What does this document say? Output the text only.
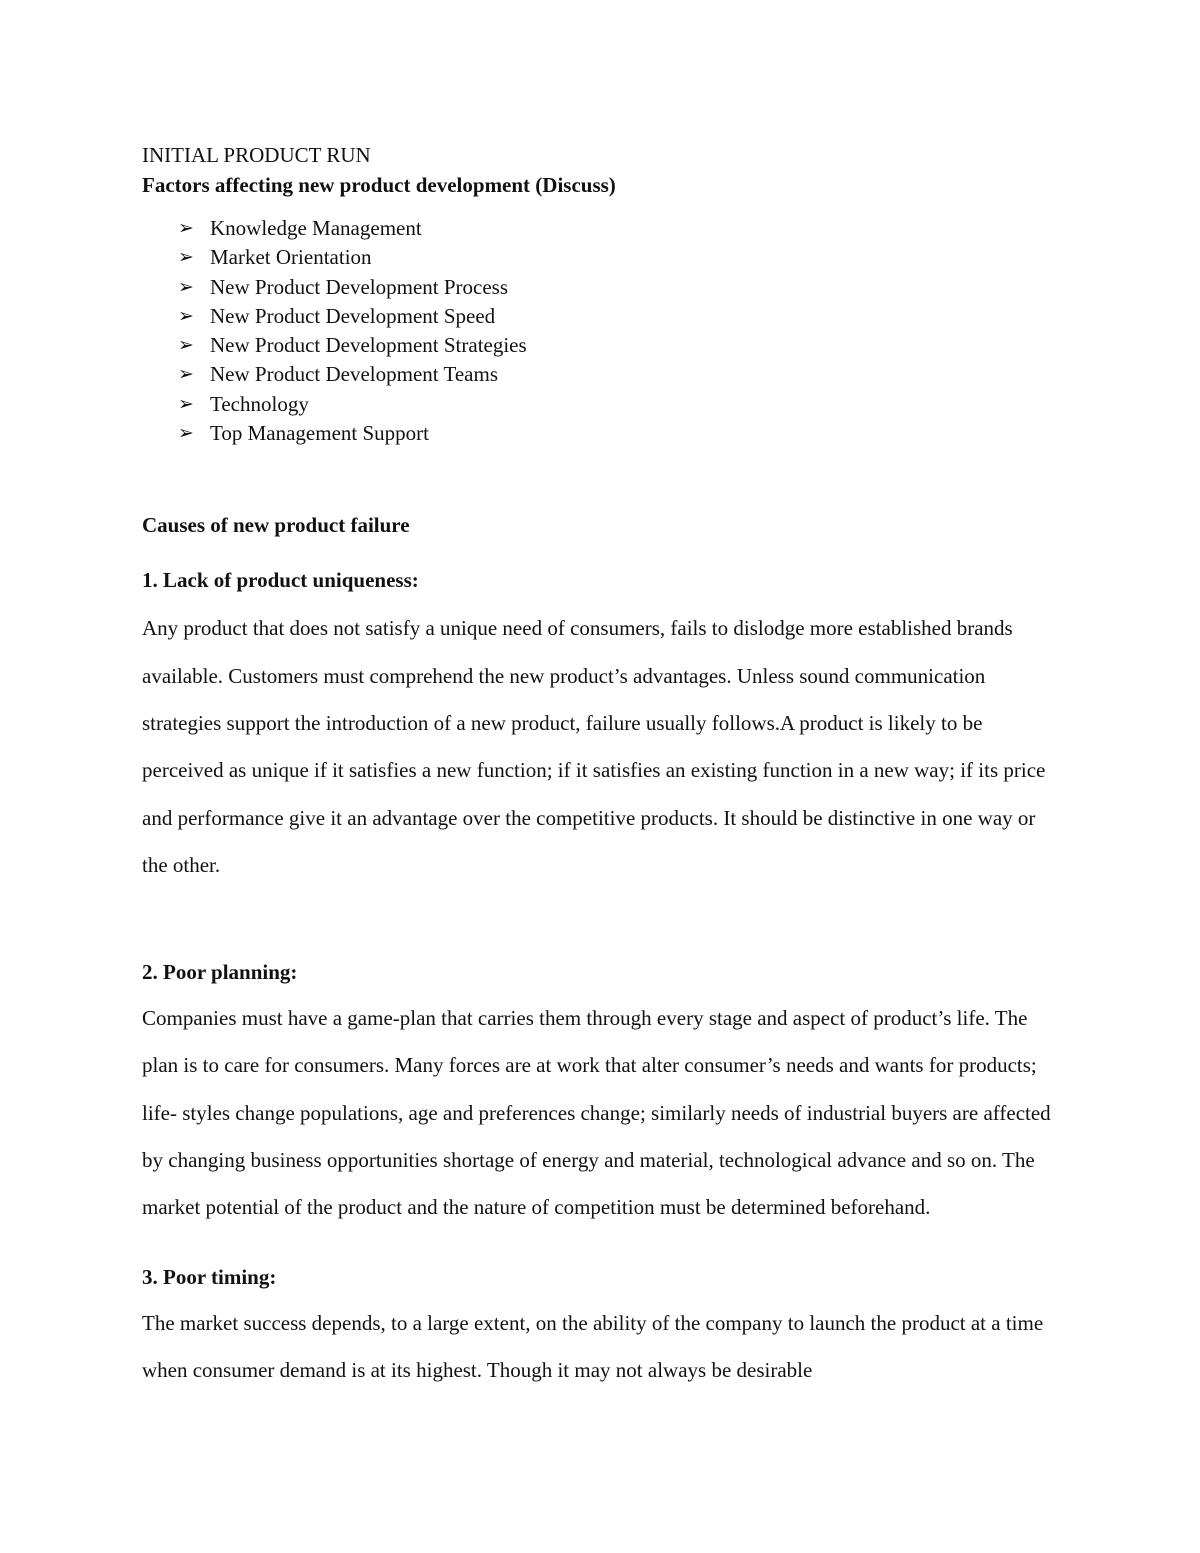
INITIAL PRODUCT RUN

Factors affecting new product development (Discuss)

➢ Knowledge Management
➢ Market Orientation
➢ New Product Development Process
➢ New Product Development Speed
➢ New Product Development Strategies
➢ New Product Development Teams
➢ Technology
➢ Top Management Support

Causes of new product failure

1. Lack of product uniqueness:

Any product that does not satisfy a unique need of consumers, fails to dislodge more established brands available. Customers must comprehend the new product’s advantages. Unless sound communication strategies support the introduction of a new product, failure usually follows.A product is likely to be perceived as unique if it satisfies a new function; if it satisfies an existing function in a new way; if its price and performance give it an advantage over the competitive products. It should be distinctive in one way or the other.

2. Poor planning:

Companies must have a game-plan that carries them through every stage and aspect of product’s life. The plan is to care for consumers. Many forces are at work that alter consumer’s needs and wants for products; life- styles change populations, age and preferences change; similarly needs of industrial buyers are affected by changing business opportunities shortage of energy and material, technological advance and so on. The market potential of the product and the nature of competition must be determined beforehand.

3. Poor timing:

The market success depends, to a large extent, on the ability of the company to launch the product at a time when consumer demand is at its highest. Though it may not always be desirable
